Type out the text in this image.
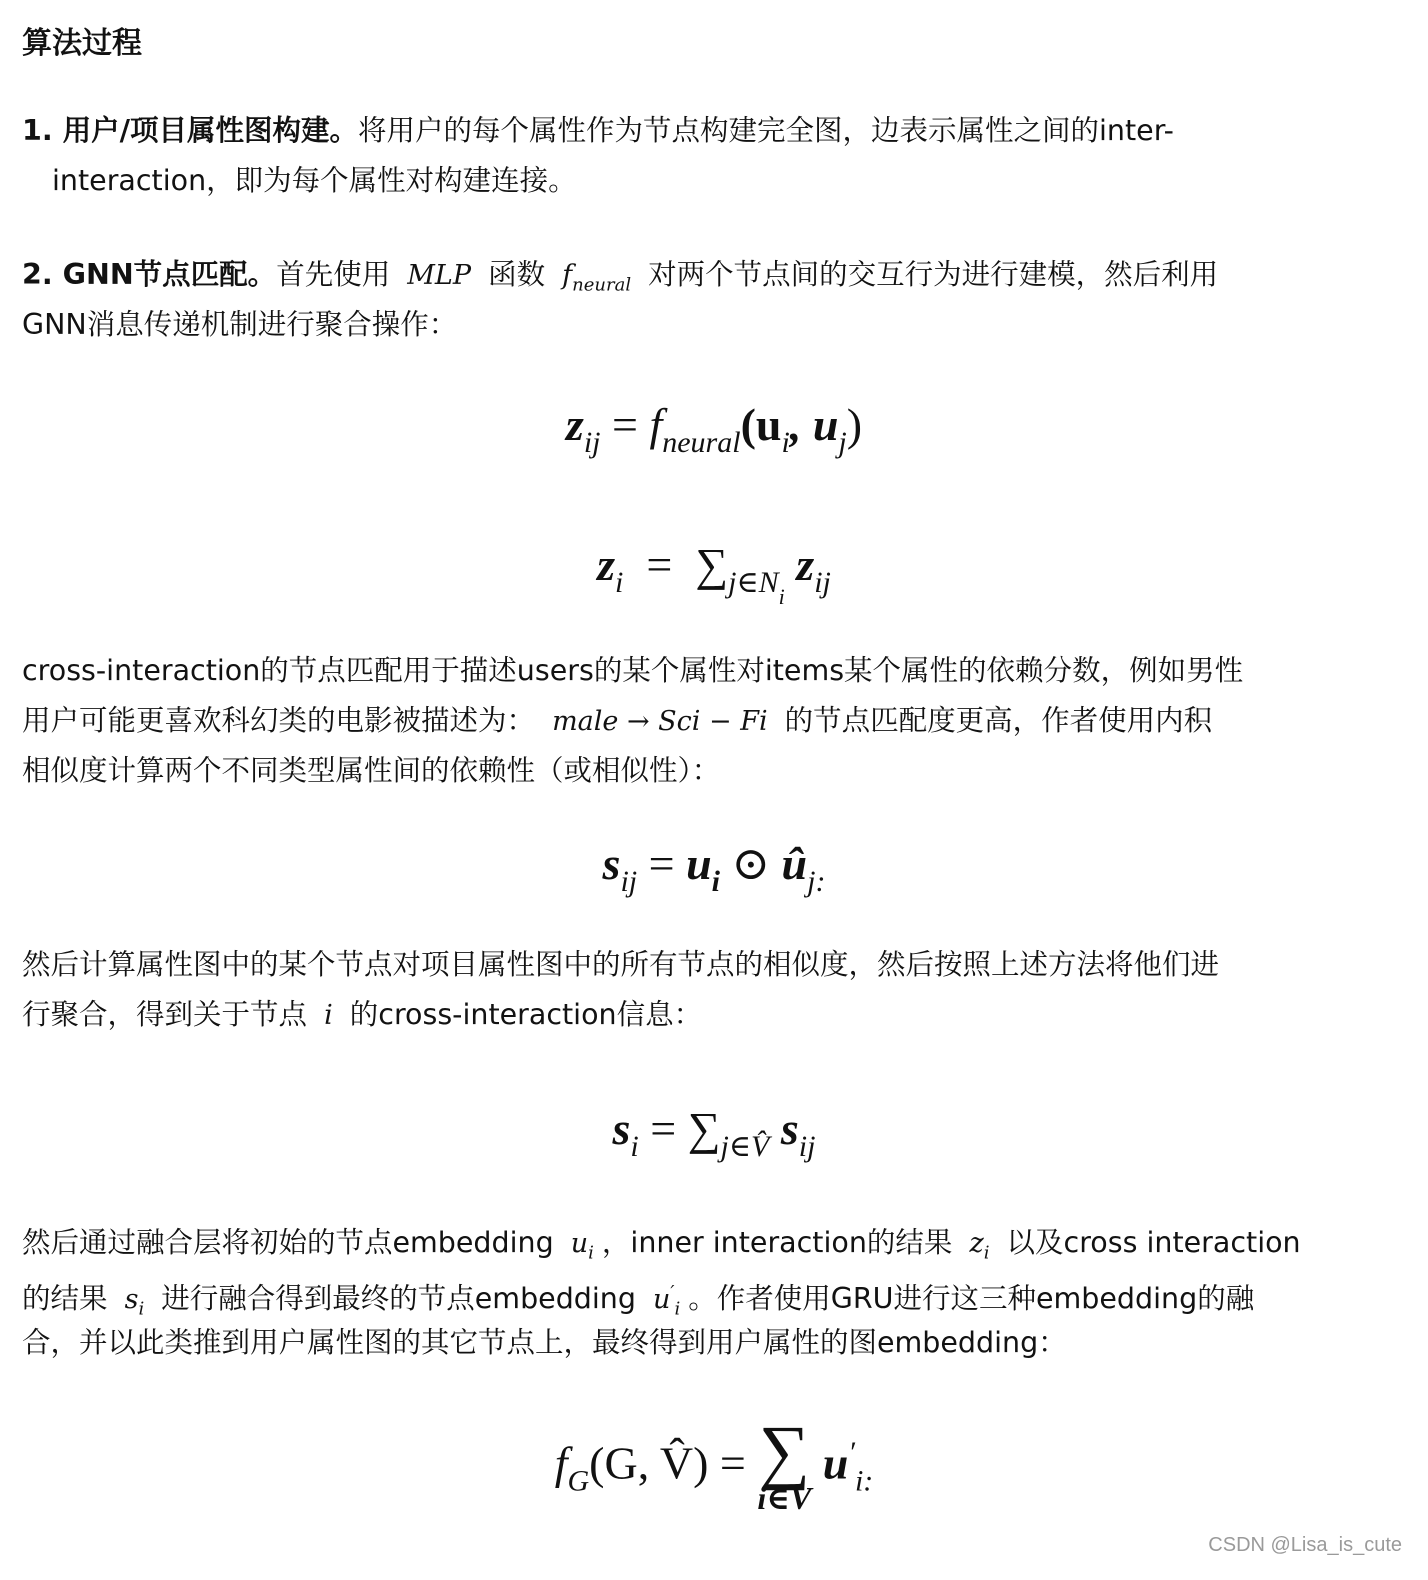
算法过程
1. 用户/项目属性图构建。将用户的每个属性作为节点构建完全图，边表示属性之间的inter-
interaction，即为每个属性对构建连接。
2. GNN节点匹配。首先使用 MLP 函数 $f_{neural}$ 对两个节点间的交互行为进行建模，然后利用
GNN消息传递机制进行聚合操作：
$z_{ij} = f_{neural}(u_i$, $u_j$)
$z_i = \sum_{j\in N_i}$ $z_{ij}$
cross-interaction的节点匹配用于描述users的某个属性对items某个属性的依赖分数，例如男性
用户可能更喜欢科幻类的电影被描述为： male → Sci − Fi 的节点匹配度更高，作者使用内积
相似度计算两个不同类型属性间的依赖性（或相似性）：
$s_{ij} = u_i$ ⊙ $û_{j:}$
然后计算属性图中的某个节点对项目属性图中的所有节点的相似度，然后按照上述方法将他们进
行聚合，得到关于节点 i 的cross-interaction信息：
$s_i = \sum_{j\in V̂}$ $s_{ij}$
然后通过融合层将初始的节点embedding $u_i$ ，inner interaction的结果 $z_i$ 以及cross interaction
的结果 $s_i$ 进行融合得到最终的节点embedding $u'_i$ 。作者使用GRU进行这三种embedding的融
合，并以此类推到用户属性图的其它节点上，最终得到用户属性的图embedding：
$f_G(G$, V̂) = ∑
i∈V
$u'_{i:}$
CSDN @Lisa_is_cute
